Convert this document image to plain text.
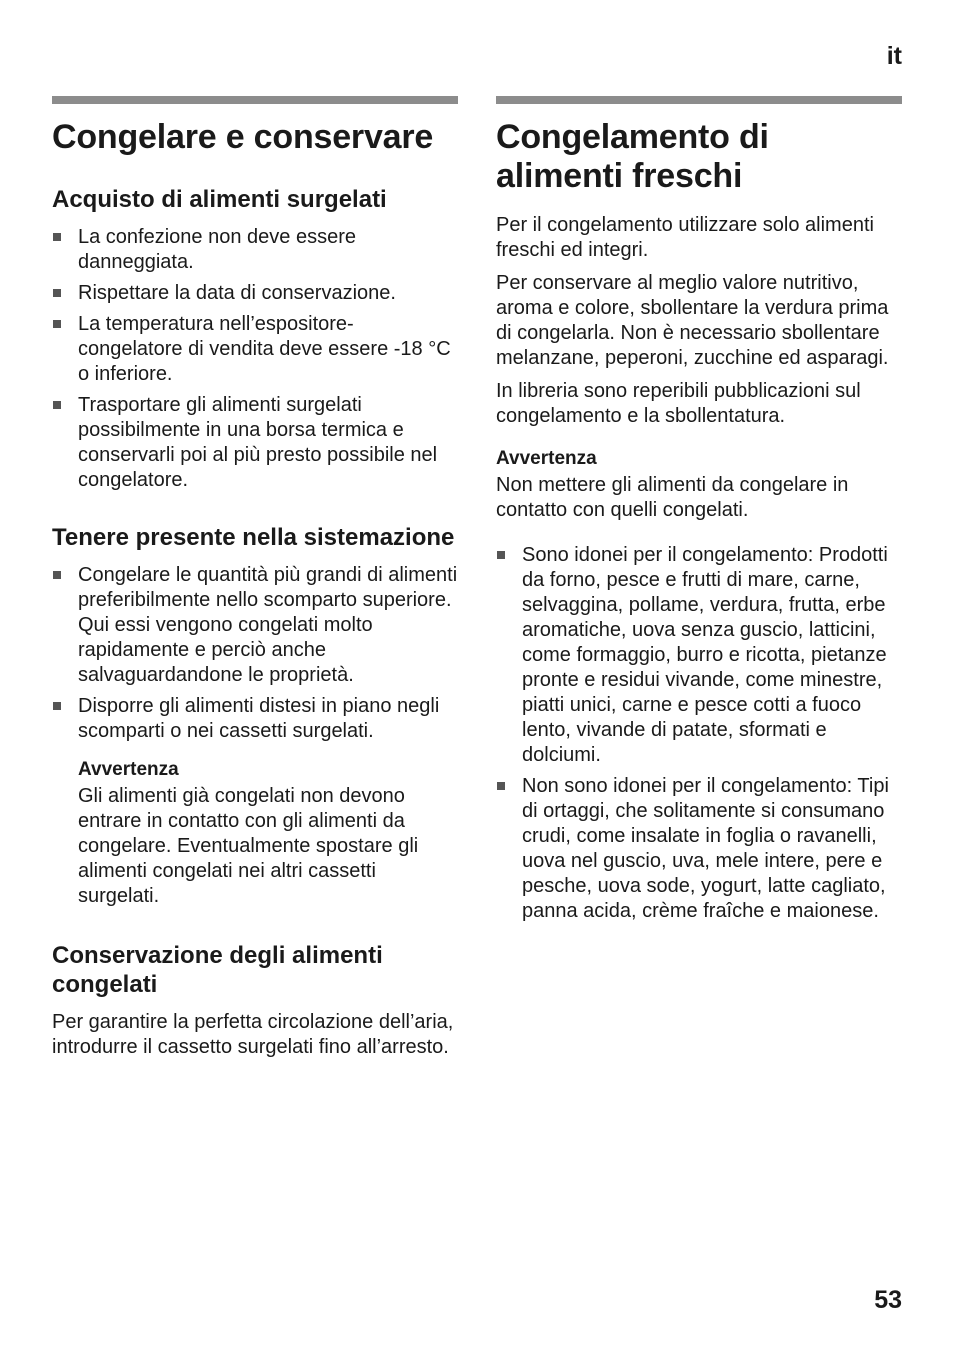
it
Congelare e conservare
Acquisto di alimenti surgelati
La confezione non deve essere danneggiata.
Rispettare la data di conservazione.
La temperatura nell’espositore-congelatore di vendita deve essere -18 °C o inferiore.
Trasportare gli alimenti surgelati possibilmente in una borsa termica e conservarli poi al più presto possibile nel congelatore.
Tenere presente nella sistemazione
Congelare le quantità più grandi di alimenti preferibilmente nello scomparto superiore. Qui essi vengono congelati molto rapidamente e perciò anche salvaguardandone le proprietà.
Disporre gli alimenti distesi in piano negli scomparti o nei cassetti surgelati.
Avvertenza

Gli alimenti già congelati non devono entrare in contatto con gli alimenti da congelare. Eventualmente spostare gli alimenti congelati nei altri cassetti surgelati.

Conservazione degli alimenti congelati

Per garantire la perfetta circolazione dell’aria, introdurre il cassetto surgelati fino all’arresto.

Congelamento di alimenti freschi

Per il congelamento utilizzare solo alimenti freschi ed integri.

Per conservare al meglio valore nutritivo, aroma e colore, sbollentare la verdura prima di congelarla. Non è necessario sbollentare melanzane, peperoni, zucchine ed asparagi.

In libreria sono reperibili pubblicazioni sul congelamento e la sbollentatura.

Avvertenza

Non mettere gli alimenti da congelare in contatto con quelli congelati.

Sono idonei per il congelamento: Prodotti da forno, pesce e frutti di mare, carne, selvaggina, pollame, verdura, frutta, erbe aromatiche, uova senza guscio, latticini, come formaggio, burro e ricotta, pietanze pronte e residui vivande, come minestre, piatti unici, carne e pesce cotti a fuoco lento, vivande di patate, sformati e dolciumi.
Non sono idonei per il congelamento: Tipi di ortaggi, che solitamente si consumano crudi, come insalate in foglia o ravanelli, uova nel guscio, uva, mele intere, pere e pesche, uova sode, yogurt, latte cagliato, panna acida, crème fraîche e maionese.
53
